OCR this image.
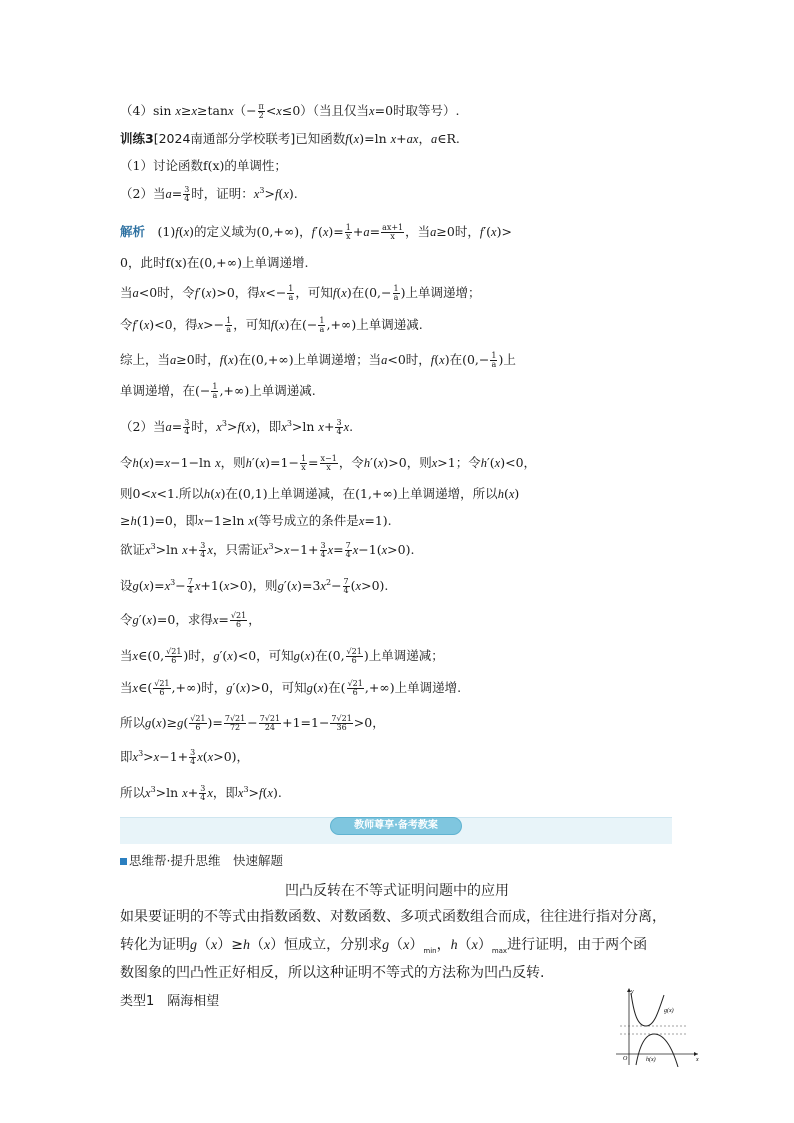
（4）sin $x\ge x\ge\tan x(- \frac{\pi}{2} <x\le 0)$（当且仅当x=0时取等号）.
训练3[2024南通部分学校联考]已知函数f(x)=ln x+ax，a∈R.
（1）讨论函数f(x)的单调性；
（2）当$a= \frac{3}{4}$ 时，证明：$x^3>f(x)$.
解析　(1)f(x)的定义域为(0,+∞)，$f'(x)= \frac{1}{x} +a= \frac{ax+1}{x}$ ，当a≥0时，f′(x)>
0，此时f(x)在(0,+∞)上单调递增.
当a<0时，令f′(x)>0，得$x<- \frac{1}{a}$ ，可知f(x)在($0,- \frac{1}{a}$ )上单调递增；
令f′(x)<0，得$x>- \frac{1}{a}$ ，可知f(x)在(− $\frac{1}{a}$ ,+∞)上单调递减.
综上，当a≥0时，f(x)在(0,+∞)上单调递增；当a<0时，f(x)在($0,- \frac{1}{a}$ )上
单调递增，在(− $\frac{1}{a}$ ,+∞)上单调递减.
（2）当$a= \frac{3}{4}$ 时，$x^3>f(x)$，即$x^3>\ln$ $x+ \frac{3}{4} x$.
令h(x)=x−1−ln x，则$h'(x)=1- \frac{1}{x} = \frac{x-1}{x}$ ，令h′(x)>0，则x>1；令h′(x)<0，
则0<x<1.所以h(x)在(0,1)上单调递减，在(1,+∞)上单调递增，所以h(x)
≥h(1)=0，即x−1≥ln x(等号成立的条件是x=1).
欲证$x^3>\ln$ $x+ \frac{3}{4}$ x，只需证$x^3>x-1+ \frac{3}{4} x= \frac{7}{4} x-1(x>0)$.
设$g(x)=x^3- \frac{7}{4} x+1(x>0)$，则$g'(x)=3x^2- \frac{7}{4} (x>0)$.
令g′(x)=0，求得$x= \frac{√21}{6}$ ，
当x∈(0, $\frac{√21}{6}$ )时，g′(x)<0，可知g(x)在(0, $\frac{√21}{6}$ )上单调递减；
当x∈( $\frac{√21}{6}$ ,+∞)时，g′(x)>0，可知g(x)在( $\frac{√21}{6}$ ,+∞)上单调递增.
所以$g(x)\ge g( \frac{√21}{6}$ )= $\frac{7√21}{72} - \frac{7√21}{24} +1=1- \frac{7√21}{36} >0$，
即$x^3>x-1+ \frac{3}{4} x(x>0)$，
所以$x^3>\ln$ $x+ \frac{3}{4}$ x，即$x^3>f(x)$.
教师尊享·备考教案
思维帮·提升思维　 快速解题
凹凸反转在不等式证明问题中的应用
如果要证明的不等式由指数函数、对数函数、多项式函数组合而成，往往进行指对分离，
转化为证明g（x）≥h（x）恒成立，分别求$g(x)_{min}$，$h(x)_{max}$进行证明，由于两个函
数图象的凹凸性正好相反，所以这种证明不等式的方法称为凹凸反转.
类型1　 隔海相望
y
x
O
g(x)
h(x)
